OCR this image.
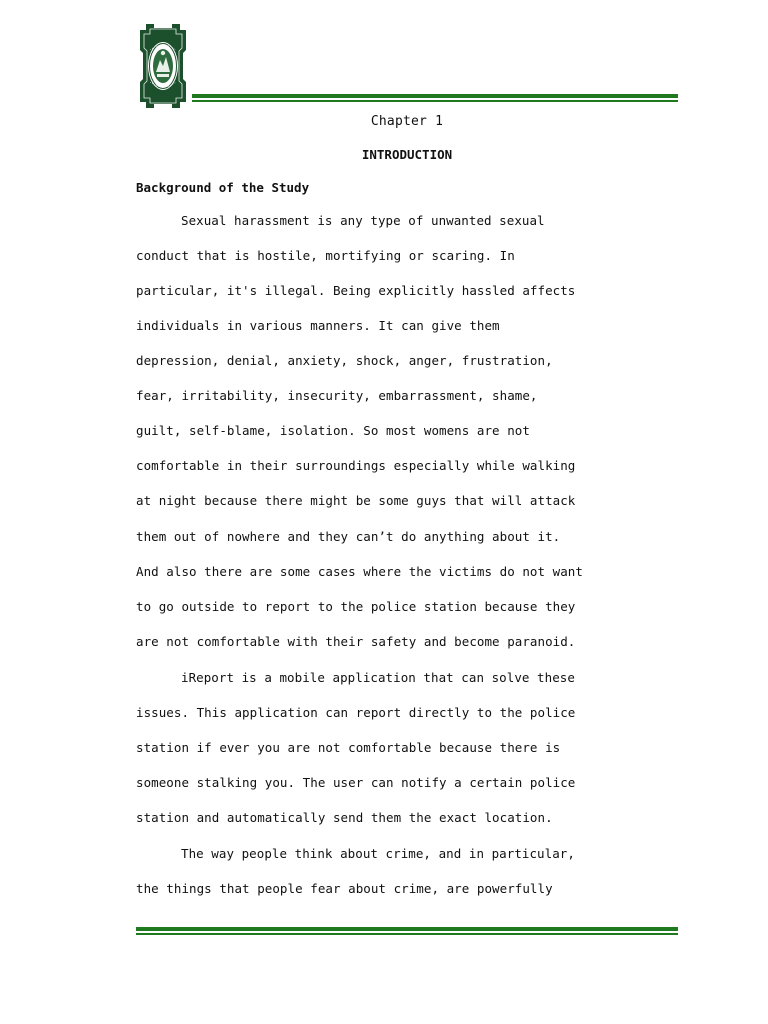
Chapter 1
INTRODUCTION
Background of the Study
Sexual harassment is any type of unwanted sexual
conduct that is hostile, mortifying or scaring. In
particular, it's illegal. Being explicitly hassled affects
individuals in various manners. It can give them
depression, denial, anxiety, shock, anger, frustration,
fear, irritability, insecurity, embarrassment, shame,
guilt, self-blame, isolation. So most womens are not
comfortable in their surroundings especially while walking
at night because there might be some guys that will attack
them out of nowhere and they can’t do anything about it.
And also there are some cases where the victims do not want
to go outside to report to the police station because they
are not comfortable with their safety and become paranoid.
iReport is a mobile application that can solve these
issues. This application can report directly to the police
station if ever you are not comfortable because there is
someone stalking you. The user can notify a certain police
station and automatically send them the exact location.
The way people think about crime, and in particular,
the things that people fear about crime, are powerfully
